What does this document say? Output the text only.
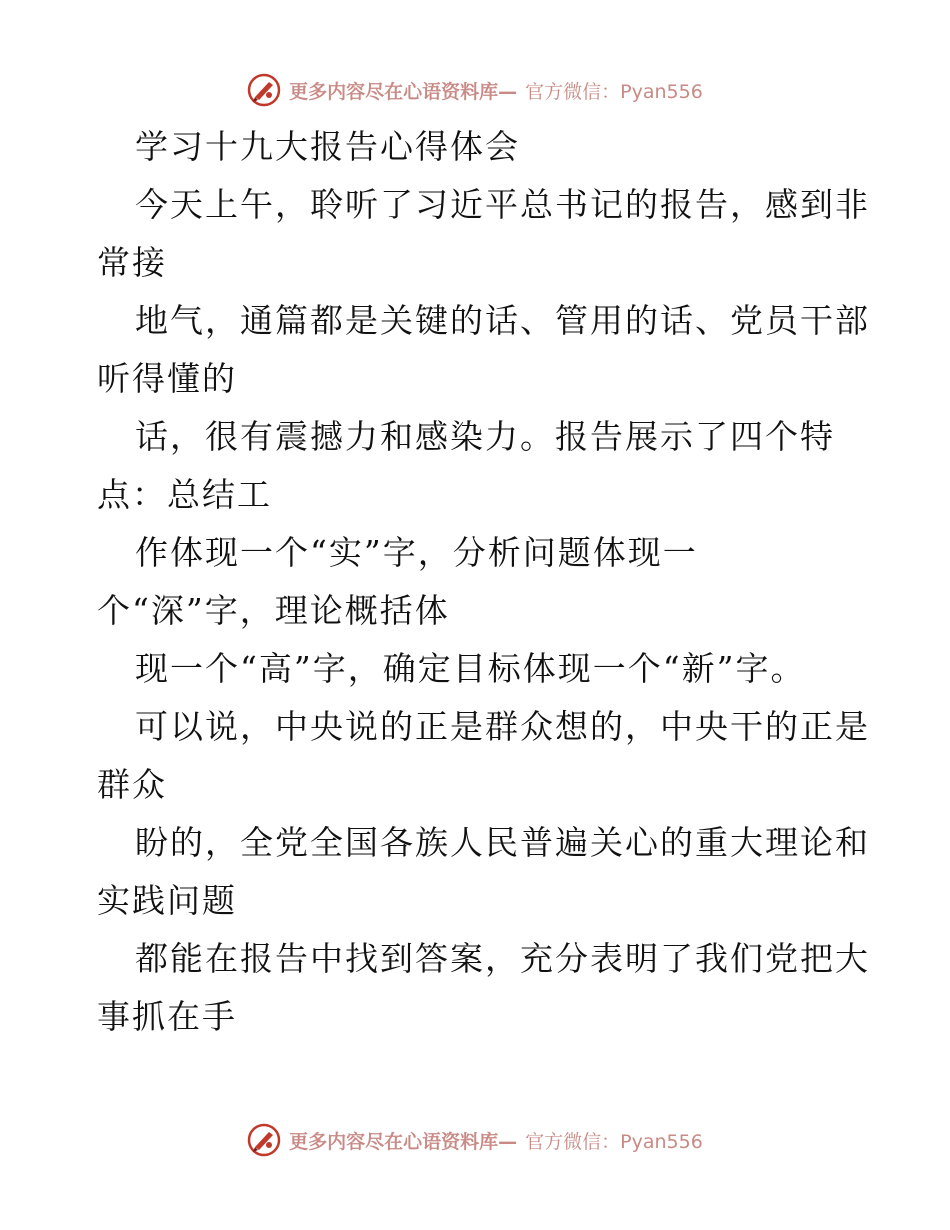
更多内容尽在心语资料库— 官方微信：Pyan556
学习十九大报告心得体会
今天上午，聆听了习近平总书记的报告，感到非
常接
地气，通篇都是关键的话、管用的话、党员干部
听得懂的
话，很有震撼力和感染力。报告展示了四个特
点：总结工
作体现一个“实”字，分析问题体现一
个“深”字，理论概括体
现一个“高”字，确定目标体现一个“新”字。
可以说，中央说的正是群众想的，中央干的正是
群众
盼的，全党全国各族人民普遍关心的重大理论和
实践问题
都能在报告中找到答案，充分表明了我们党把大
事抓在手
更多内容尽在心语资料库— 官方微信：Pyan556
